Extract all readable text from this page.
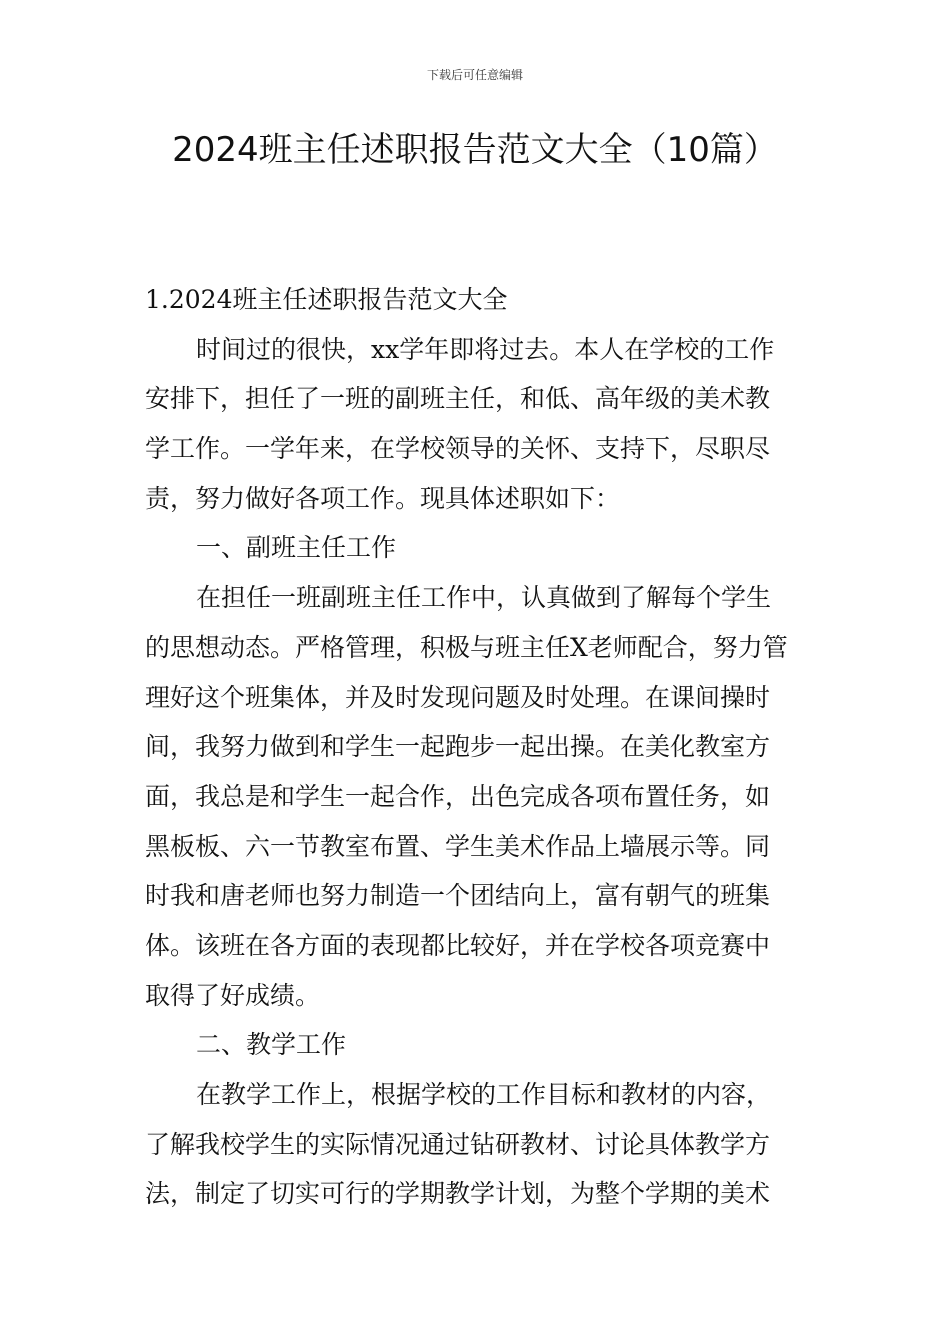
下载后可任意编辑
2024班主任述职报告范文大全（10篇）

1.2024班主任述职报告范文大全

时间过的很快，xx学年即将过去。本人在学校的工作

安排下，担任了一班的副班主任，和低、高年级的美术教

学工作。一学年来，在学校领导的关怀、支持下，尽职尽

责，努力做好各项工作。现具体述职如下：

一、副班主任工作

在担任一班副班主任工作中，认真做到了解每个学生

的思想动态。严格管理，积极与班主任X老师配合，努力管

理好这个班集体，并及时发现问题及时处理。在课间操时

间，我努力做到和学生一起跑步一起出操。在美化教室方

面，我总是和学生一起合作，出色完成各项布置任务，如

黑板板、六一节教室布置、学生美术作品上墙展示等。同

时我和唐老师也努力制造一个团结向上，富有朝气的班集

体。该班在各方面的表现都比较好，并在学校各项竞赛中

取得了好成绩。

二、教学工作

在教学工作上，根据学校的工作目标和教材的内容，

了解我校学生的实际情况通过钻研教材、讨论具体教学方

法，制定了切实可行的学期教学计划，为整个学期的美术
